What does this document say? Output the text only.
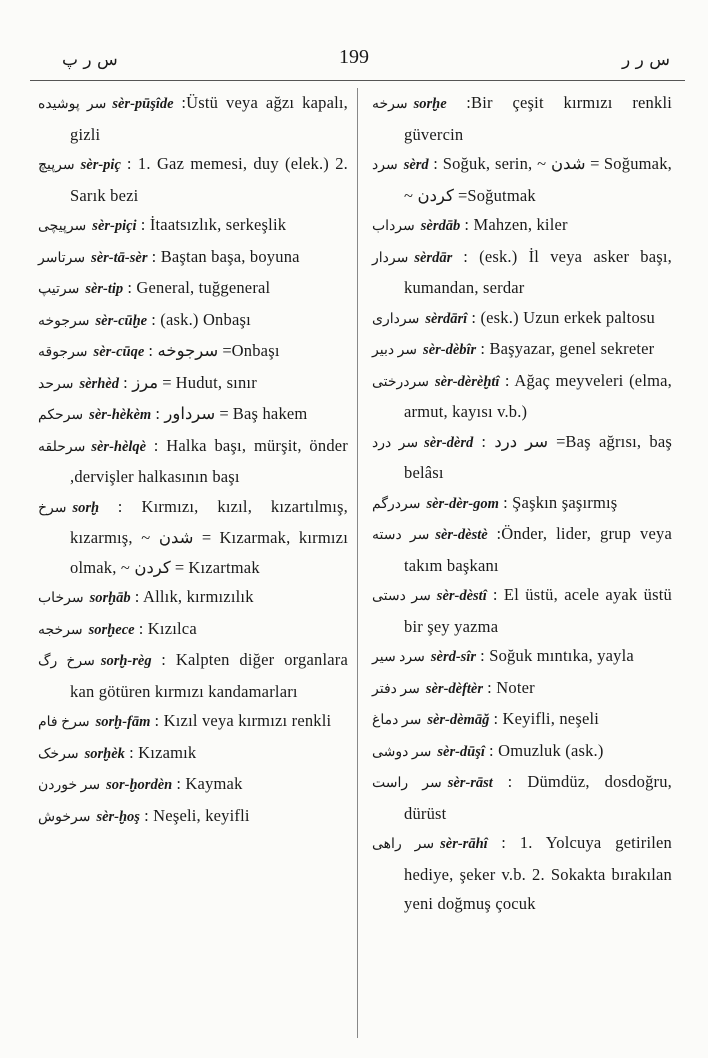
س ر پ	199	س ر ر
سر پوشیده sèr-pūşîde :Üstü veya ağzı kapalı, gizli
سرپیچ sèr-piç : 1. Gaz memesi, duy (elek.) 2. Sarık bezi
سرپیچی sèr-piçi : İtaatsızlık, serkeşlik
سرتاسر sèr-tā-sèr : Baştan başa, boyuna
سرتیپ sèr-tip : General, tuğgeneral
سرجوخه sèr-cūḫe : (ask.) Onbaşı
سرجوقه sèr-cūqe : سرجوخه =Onbaşı
سرحد sèrhèd : مرز = Hudut, sınır
سرحکم sèr-hèkèm : سرداور = Baş hakem
سرحلقه sèr-hèlqè : Halka başı, mürşit, önder ,dervişler halkasının başı
سرخ sorḫ : Kırmızı, kızıl, kızartılmış, kızarmış, ~ شدن = Kızarmak, kırmızı olmak, ~ کردن = Kızartmak
سرخاب sorḫāb : Allık, kırmızılık
سرخجه sorḫece : Kızılca
سرخ رگ sorḫ-règ : Kalpten diğer organlara kan götüren kırmızı kandamarları
سرخ فام sorḫ-fām : Kızıl veya kırmızı renkli
سرخک sorḫèk : Kızamık
سر خوردن sor-ḫordèn : Kaymak
سرخوش sèr-ḫoş : Neşeli, keyifli
سرخه sorḫe :Bir çeşit kırmızı renkli güvercin
سرد sèrd : Soğuk, serin, ~ شدن = Soğumak, ~ کردن =Soğutmak
سرداب sèrdāb : Mahzen, kiler
سردار sèrdār : (esk.) İl veya asker başı, kumandan, serdar
سرداری sèrdārî : (esk.) Uzun erkek paltosu
سر دبیر sèr-dèbîr : Başyazar, genel sekreter
سردرختی sèr-dèrèḫtî : Ağaç meyveleri (elma, armut, kayısı v.b.)
سر درد sèr-dèrd : سر درد =Baş ağrısı, baş belâsı
سردرگم sèr-dèr-gom : Şaşkın şaşırmış
سر دسته sèr-dèstè :Önder, lider, grup veya takım başkanı
سر دستی sèr-dèstî : El üstü, acele ayak üstü bir şey yazma
سرد سیر sèrd-sîr : Soğuk mıntıka, yayla
سر دفتر sèr-dèftèr : Noter
سر دماغ sèr-dèmāğ : Keyifli, neşeli
سر دوشی sèr-dūşî : Omuzluk (ask.)
سر راست sèr-rāst : Dümdüz, dosdoğru, dürüst
سر راهی sèr-rāhî : 1. Yolcuya getirilen hediye, şeker v.b. 2. Sokakta bırakılan yeni doğmuş çocuk
